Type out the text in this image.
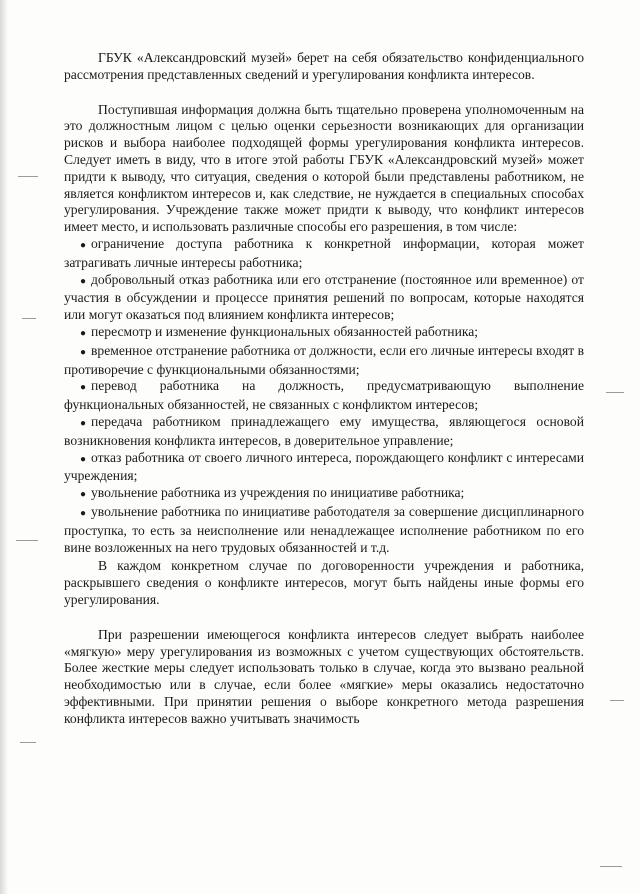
ГБУК «Александровский музей» берет на себя обязательство конфиденциального рассмотрения представленных сведений и урегулирования конфликта интересов.

Поступившая информация должна быть тщательно проверена уполномоченным на это должностным лицом с целью оценки серьезности возникающих для организации рисков и выбора наиболее подходящей формы урегулирования конфликта интересов. Следует иметь в виду, что в итоге этой работы ГБУК «Александровский музей» может придти к выводу, что ситуация, сведения о которой были представлены работником, не является конфликтом интересов и, как следствие, не нуждается в специальных способах урегулирования. Учреждение также может придти к выводу, что конфликт интересов имеет место, и использовать различные способы его разрешения, в том числе:

● ограничение доступа работника к конкретной информации, которая может затрагивать личные интересы работника;
● добровольный отказ работника или его отстранение (постоянное или временное) от участия в обсуждении и процессе принятия решений по вопросам, которые находятся или могут оказаться под влиянием конфликта интересов;
● пересмотр и изменение функциональных обязанностей работника;
● временное отстранение работника от должности, если его личные интересы входят в противоречие с функциональными обязанностями;
● перевод работника на должность, предусматривающую выполнение функциональных обязанностей, не связанных с конфликтом интересов;
● передача работником принадлежащего ему имущества, являющегося основой возникновения конфликта интересов, в доверительное управление;
● отказ работника от своего личного интереса, порождающего конфликт с интересами учреждения;
● увольнение работника из учреждения по инициативе работника;
● увольнение работника по инициативе работодателя за совершение дисциплинарного проступка, то есть за неисполнение или ненадлежащее исполнение работником по его вине возложенных на него трудовых обязанностей и т.д.

В каждом конкретном случае по договоренности учреждения и работника, раскрывшего сведения о конфликте интересов, могут быть найдены иные формы его урегулирования.

При разрешении имеющегося конфликта интересов следует выбрать наиболее «мягкую» меру урегулирования из возможных с учетом существующих обстоятельств. Более жесткие меры следует использовать только в случае, когда это вызвано реальной необходимостью или в случае, если более «мягкие» меры оказались недостаточно эффективными. При принятии решения о выборе конкретного метода разрешения конфликта интересов важно учитывать значимость
